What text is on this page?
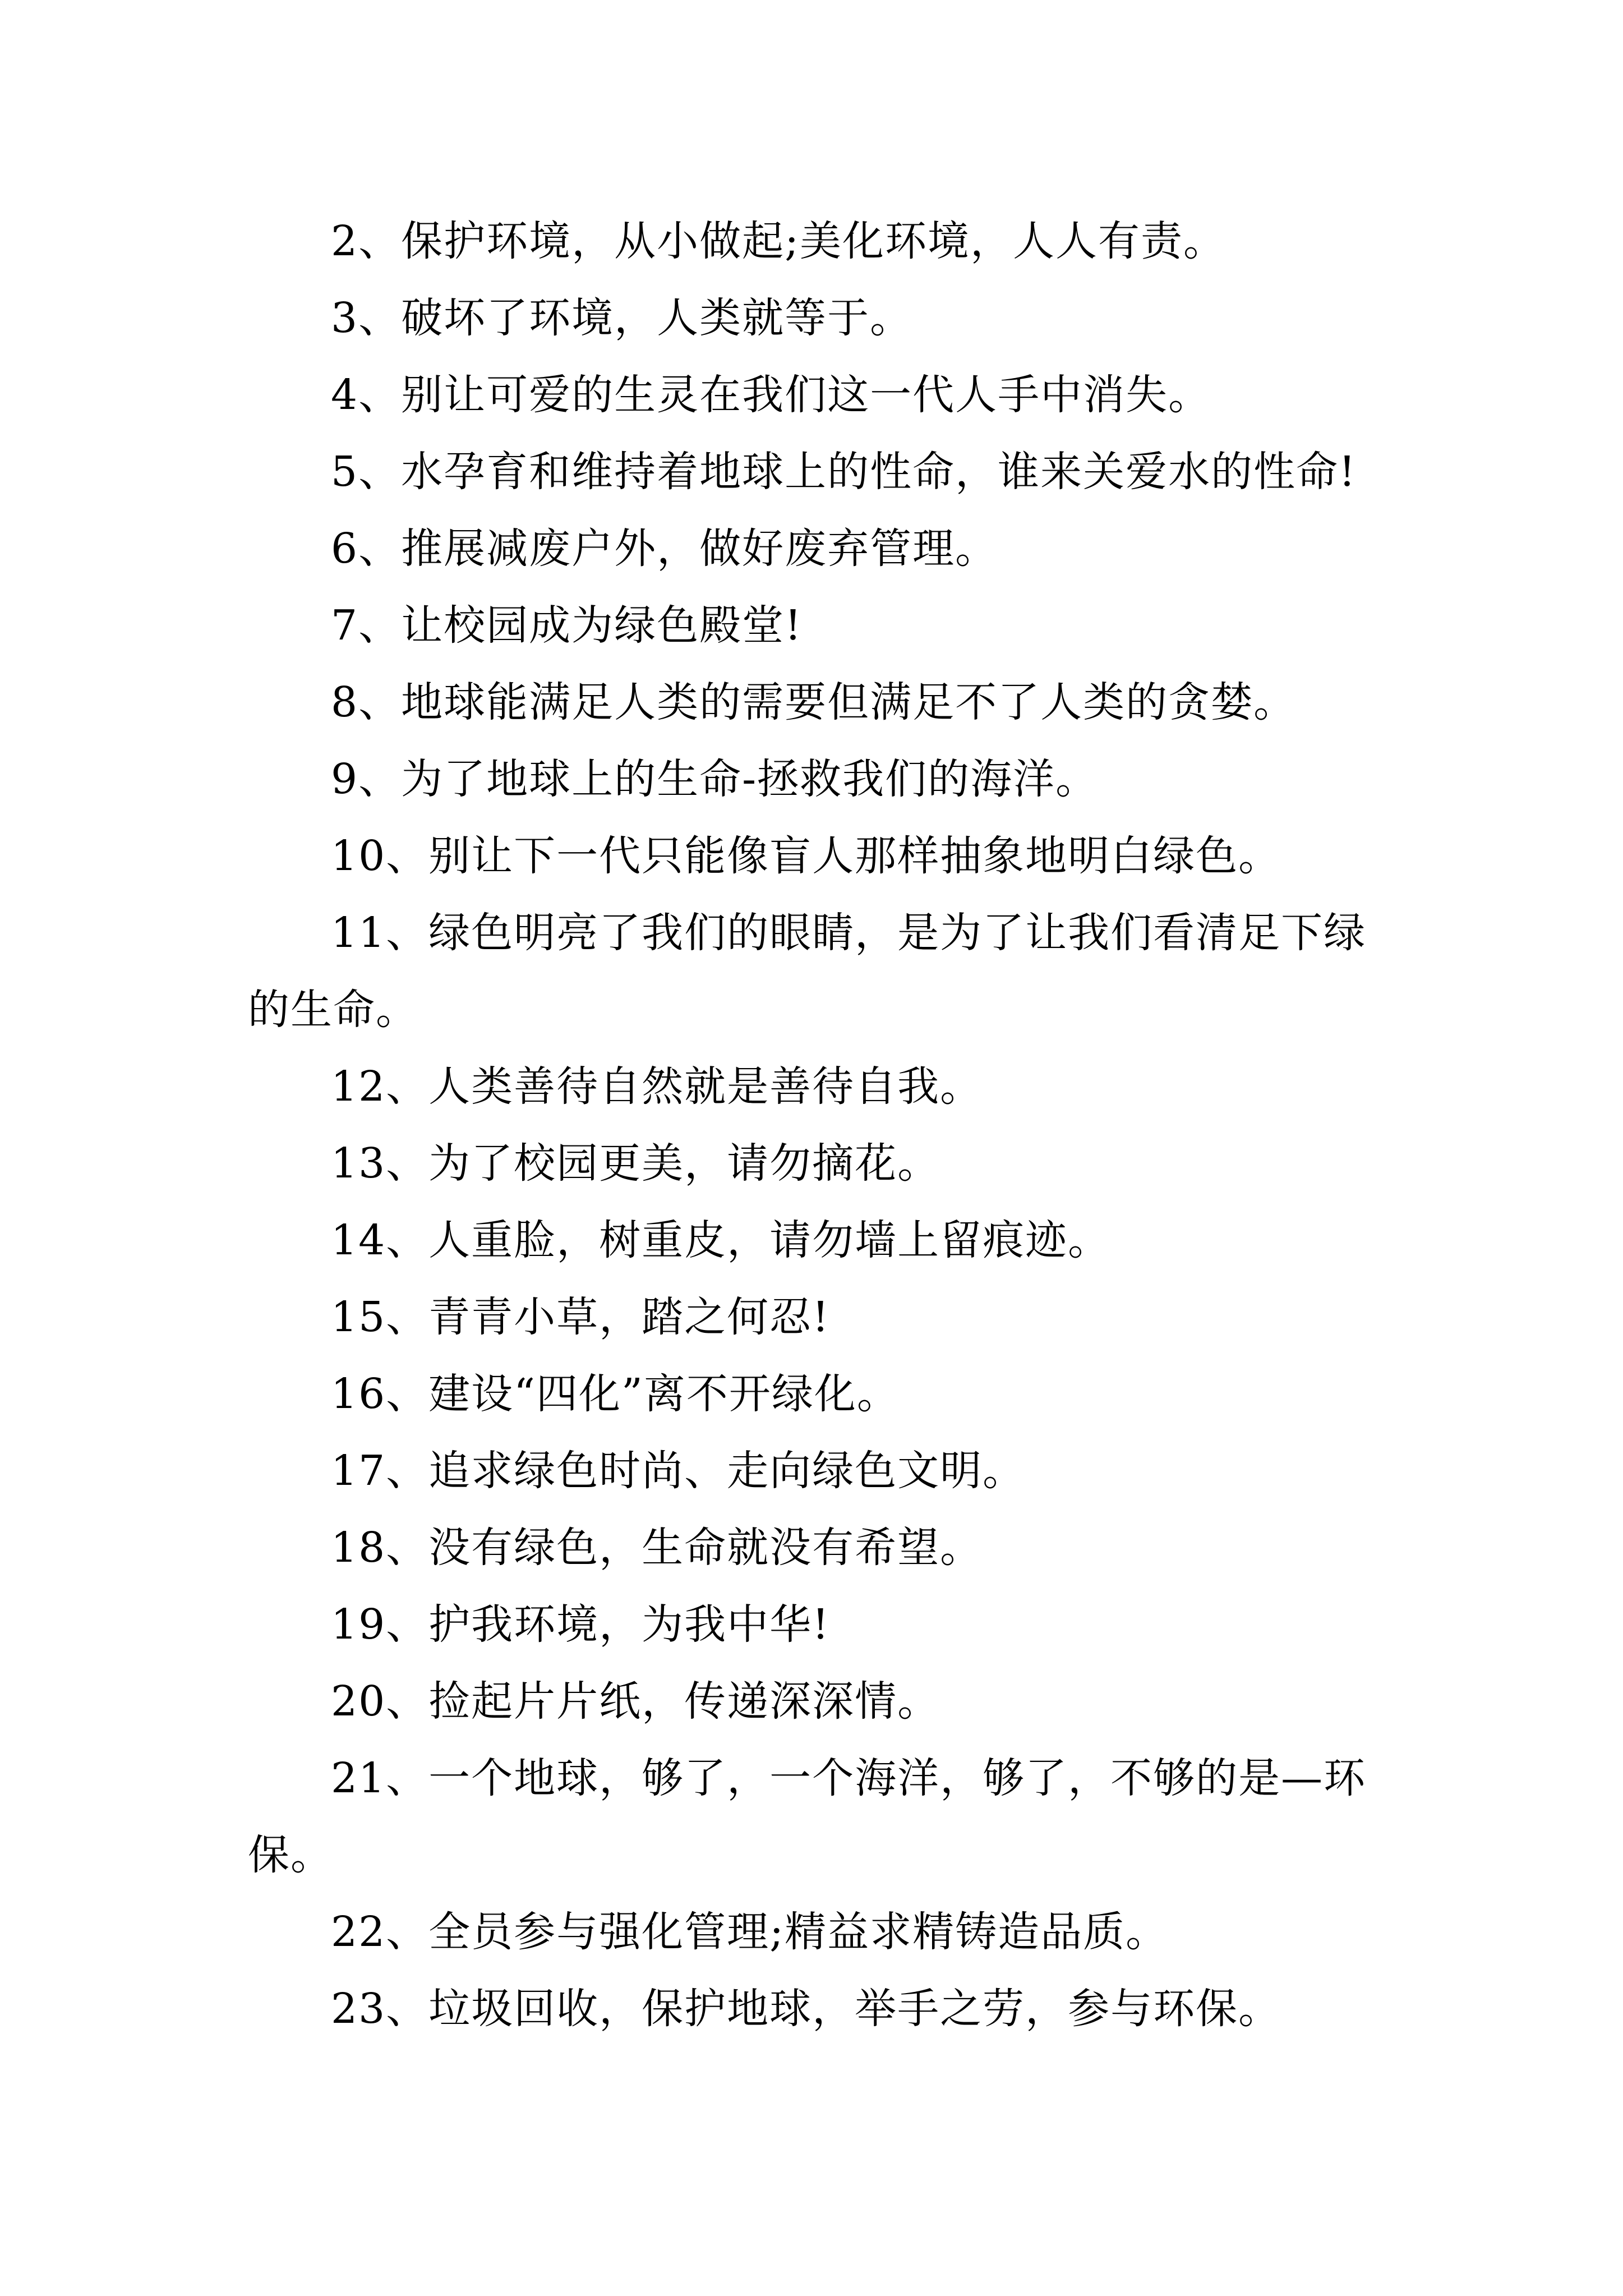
2、保护环境，从小做起;美化环境，人人有责。

3、破坏了环境，人类就等于。

4、别让可爱的生灵在我们这一代人手中消失。

5、水孕育和维持着地球上的性命，谁来关爱水的性命!

6、推展减废户外，做好废弃管理。

7、让校园成为绿色殿堂!

8、地球能满足人类的需要但满足不了人类的贪婪。

9、为了地球上的生命-拯救我们的海洋。

10、别让下一代只能像盲人那样抽象地明白绿色。

11、绿色明亮了我们的眼睛，是为了让我们看清足下绿的生命。

12、人类善待自然就是善待自我。

13、为了校园更美，请勿摘花。

14、人重脸，树重皮，请勿墙上留痕迹。

15、青青小草，踏之何忍!

16、建设“四化”离不开绿化。

17、追求绿色时尚、走向绿色文明。

18、没有绿色，生命就没有希望。

19、护我环境，为我中华!

20、捡起片片纸，传递深深情。

21、一个地球，够了，一个海洋，够了，不够的是—环保。

22、全员参与强化管理;精益求精铸造品质。

23、垃圾回收，保护地球，举手之劳，参与环保。
